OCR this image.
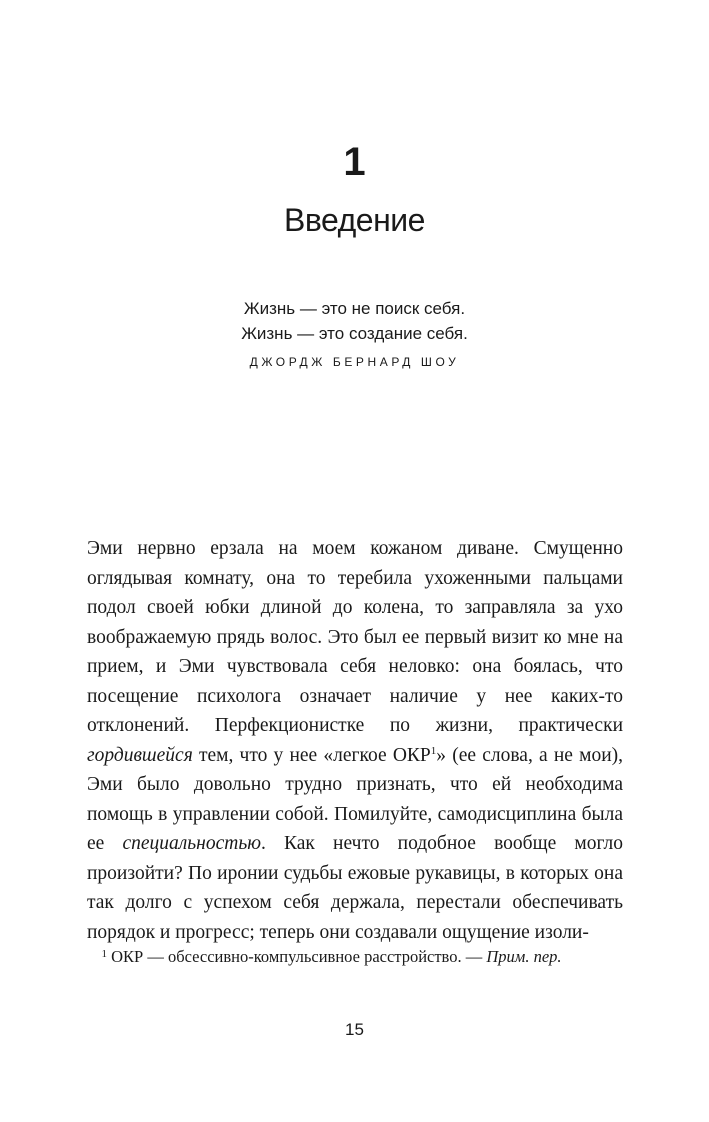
1
Введение
Жизнь — это не поиск себя.
Жизнь — это создание себя.
ДЖОРДЖ БЕРНАРД ШОУ

Эми нервно ерзала на моем кожаном диване. Смущенно оглядывая комнату, она то теребила ухоженными пальцами подол своей юбки длиной до колена, то заправляла за ухо воображаемую прядь волос. Это был ее первый визит ко мне на прием, и Эми чувствовала себя неловко: она боялась, что посещение психолога означает наличие у нее каких-то отклонений. Перфекционистке по жизни, практически гордившейся тем, что у нее «легкое ОКР$^1$» (ее слова, а не мои), Эми было довольно трудно признать, что ей необходима помощь в управлении собой. Помилуйте, самодисциплина была ее специальностью. Как нечто подобное вообще могло произойти? По иронии судьбы ежовые рукавицы, в которых она так долго с успехом себя держала, перестали обеспечивать порядок и прогресс; теперь они создавали ощущение изоли-

1 ОКР — обсессивно-компульсивное расстройство. — Прим. пер.

15
